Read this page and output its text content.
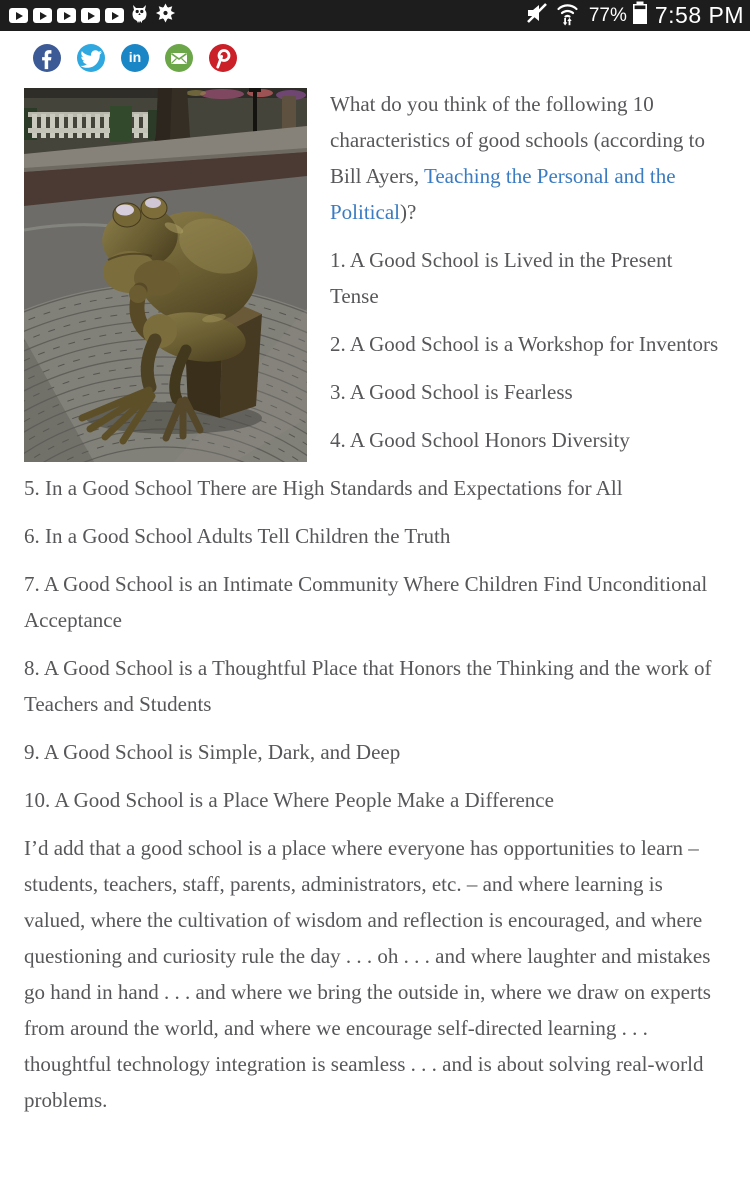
77% 7:58 PM
in

What do you think of the following 10 characteristics of good schools (according to Bill Ayers, Teaching the Personal and the Political)?

1. A Good School is Lived in the Present Tense

2. A Good School is a Workshop for Inventors

3. A Good School is Fearless

4. A Good School Honors Diversity

5. In a Good School There are High Standards and Expectations for All

6. In a Good School Adults Tell Children the Truth

7. A Good School is an Intimate Community Where Children Find Unconditional Acceptance

8. A Good School is a Thoughtful Place that Honors the Thinking and the work of Teachers and Students

9. A Good School is Simple, Dark, and Deep

10. A Good School is a Place Where People Make a Difference

I’d add that a good school is a place where everyone has opportunities to learn – students, teachers, staff, parents, administrators, etc. – and where learning is valued, where the cultivation of wisdom and reflection is encouraged, and where questioning and curiosity rule the day . . . oh . . . and where laughter and mistakes go hand in hand . . . and where we bring the outside in, where we draw on experts from around the world, and where we encourage self-directed learning . . . thoughtful technology integration is seamless . . . and is about solving real-world problems.
